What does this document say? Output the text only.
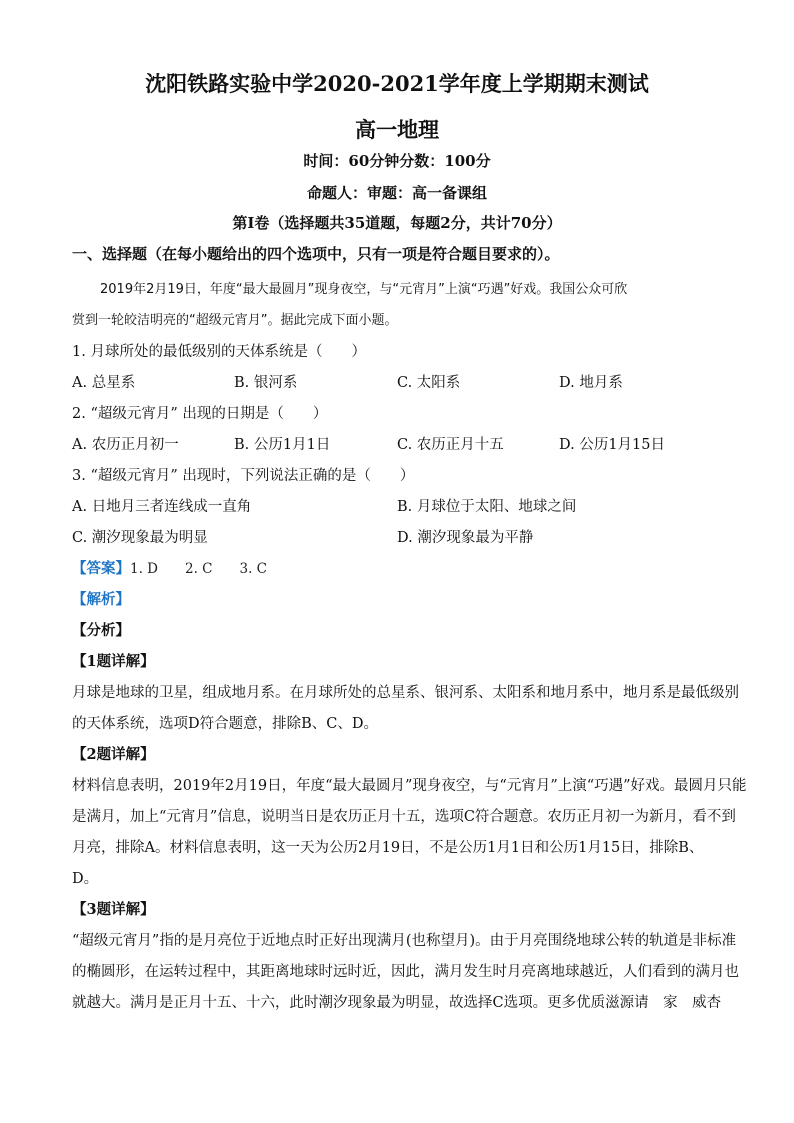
沈阳铁路实验中学2020-2021学年度上学期期末测试
高一地理
时间：60分钟分数：100分
命题人：审题：高一备课组
第I卷（选择题共35道题，每题2分，共计70分）
一、选择题（在每小题给出的四个选项中，只有一项是符合题目要求的）。
2019年2月19日，年度“最大最圆月”现身夜空，与“元宵月”上演“巧遇”好戏。我国公众可欣
赏到一轮皎洁明亮的“超级元宵月”。据此完成下面小题。
1. 月球所处的最低级别的天体系统是（　　）
A. 总星系	B. 银河系	C. 太阳系	D. 地月系
2. “超级元宵月” 出现的日期是（　　）
A. 农历正月初一	B. 公历1月1日	C. 农历正月十五	D. 公历1月15日
3. “超级元宵月” 出现时，下列说法正确的是（　　）
A. 日地月三者连线成一直角	B. 月球位于太阳、地球之间
C. 潮汐现象最为明显	D. 潮汐现象最为平静
【答案】1. D　　2. C　　3. C
【解析】
【分析】
【1题详解】
月球是地球的卫星，组成地月系。在月球所处的总星系、银河系、太阳系和地月系中，地月系是最低级别
的天体系统，选项D符合题意，排除B、C、D。
【2题详解】
材料信息表明，2019年2月19日，年度“最大最圆月”现身夜空，与“元宵月”上演“巧遇”好戏。最圆月只能
是满月，加上“元宵月”信息，说明当日是农历正月十五，选项C符合题意。农历正月初一为新月，看不到
月亮，排除A。材料信息表明，这一天为公历2月19日，不是公历1月1日和公历1月15日，排除B、
D。
【3题详解】
“超级元宵月”指的是月亮位于近地点时正好出现满月(也称望月)。由于月亮围绕地球公转的轨道是非标准
的椭圆形，在运转过程中，其距离地球时远时近，因此，满月发生时月亮离地球越近，人们看到的满月也
就越大。满月是正月十五、十六，此时潮汐现象最为明显，故选择C选项。更多优质滋源请　家　威杏
